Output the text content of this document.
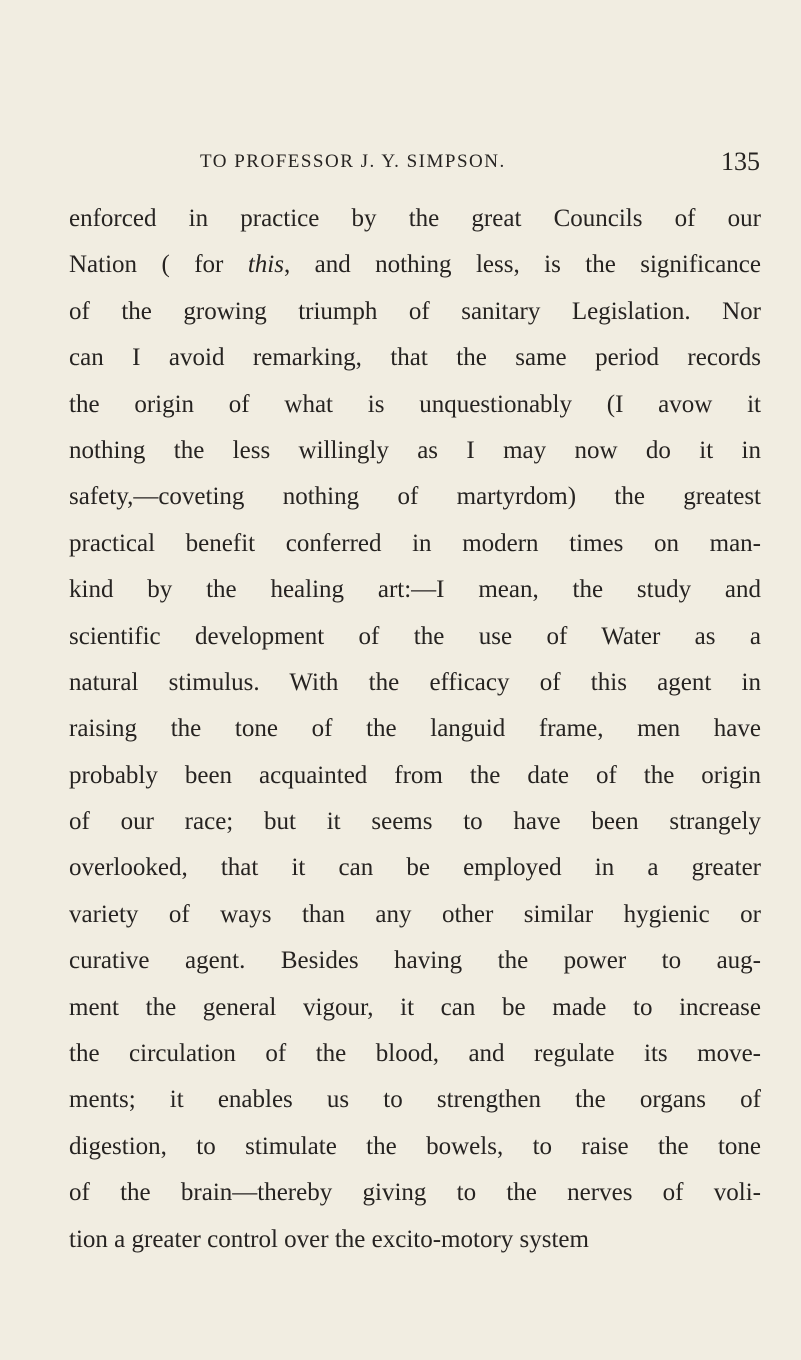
TO PROFESSOR J. Y. SIMPSON.	135
enforced in practice by the great Councils of our
Nation ( for this, and nothing less, is the significance
of the growing triumph of sanitary Legislation. Nor
can I avoid remarking, that the same period records
the origin of what is unquestionably (I avow it
nothing the less willingly as I may now do it in
safety,—coveting nothing of martyrdom) the greatest
practical benefit conferred in modern times on man-
kind by the healing art:—I mean, the study and
scientific development of the use of Water as a
natural stimulus. With the efficacy of this agent in
raising the tone of the languid frame, men have
probably been acquainted from the date of the origin
of our race; but it seems to have been strangely
overlooked, that it can be employed in a greater
variety of ways than any other similar hygienic or
curative agent. Besides having the power to aug-
ment the general vigour, it can be made to increase
the circulation of the blood, and regulate its move-
ments; it enables us to strengthen the organs of
digestion, to stimulate the bowels, to raise the tone
of the brain—thereby giving to the nerves of voli-
tion a greater control over the excito-motory system
